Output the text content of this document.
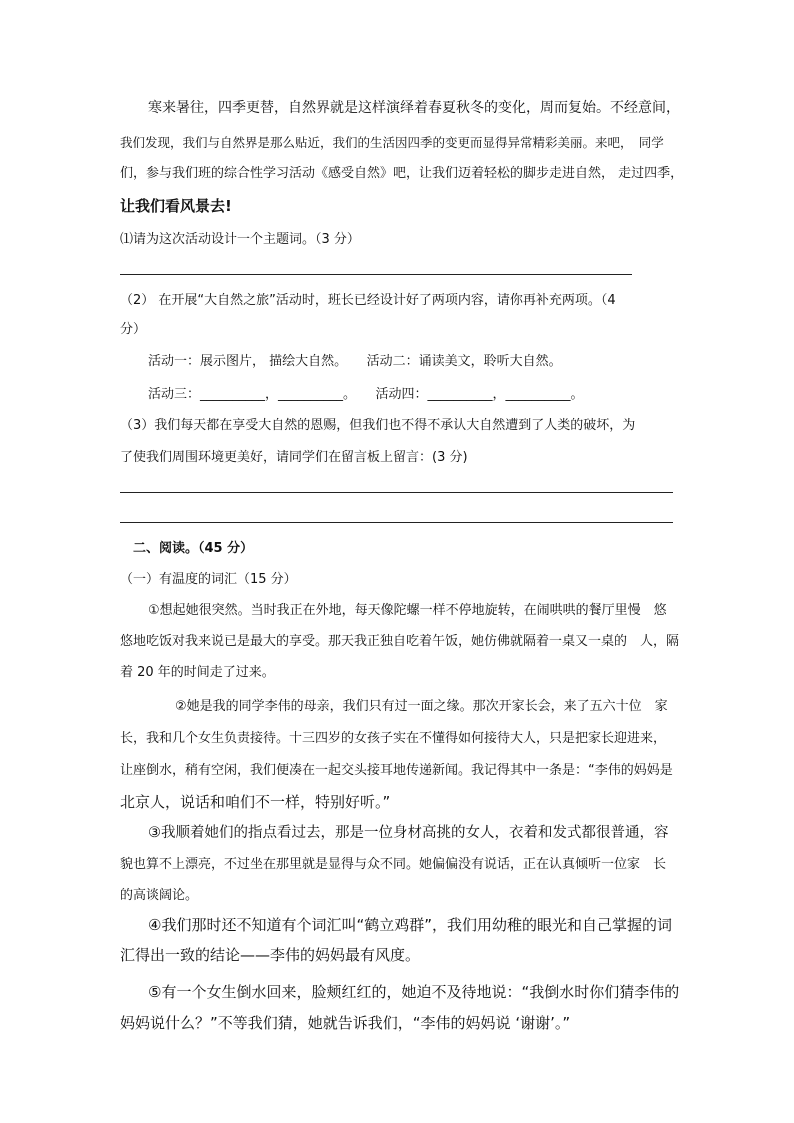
寒来暑往，四季更替，自然界就是这样演绎着春夏秋冬的变化，周而复始。不经意间，
我们发现，我们与自然界是那么贴近，我们的生活因四季的变更而显得异常精彩美丽。来吧，　同学
们，参与我们班的综合性学习活动《感受自然》吧，让我们迈着轻松的脚步走进自然， 走过四季，
让我们看风景去!
⑴请为这次活动设计一个主题词。（3 分）
（2） 在开展“大自然之旅”活动时，班长已经设计好了两项内容，请你再补充两项。（4
分）
活动一：展示图片， 描绘大自然。　　活动二：诵读美文，聆听大自然。
活动三：__________，__________。　　活动四：__________，__________。
（3）我们每天都在享受大自然的恩赐，但我们也不得不承认大自然遭到了人类的破坏，为
了使我们周围环境更美好，请同学们在留言板上留言：(3 分)
二、阅读。（45 分）
（一）有温度的词汇（15 分）
①想起她很突然。当时我正在外地，每天像陀螺一样不停地旋转，在闹哄哄的餐厅里慢　悠
悠地吃饭对我来说已是最大的享受。那天我正独自吃着午饭，她仿佛就隔着一桌又一桌的　人，隔
着 20 年的时间走了过来。
②她是我的同学李伟的母亲，我们只有过一面之缘。那次开家长会，来了五六十位　家
长，我和几个女生负责接待。十三四岁的女孩子实在不懂得如何接待大人，只是把家长迎进来，
让座倒水，稍有空闲，我们便凑在一起交头接耳地传递新闻。我记得其中一条是：“李伟的妈妈是
北京人，说话和咱们不一样，特别好听。”
③我顺着她们的指点看过去，那是一位身材高挑的女人，衣着和发式都很普通，容
貌也算不上漂亮，不过坐在那里就是显得与众不同。她偏偏没有说话，正在认真倾听一位家　长
的高谈阔论。
④我们那时还不知道有个词汇叫“鹤立鸡群”，我们用幼稚的眼光和自己掌握的词
汇得出一致的结论——李伟的妈妈最有风度。
⑤有一个女生倒水回来，脸颊红红的，她迫不及待地说：“我倒水时你们猜李伟的
妈妈说什么？”不等我们猜，她就告诉我们，“李伟的妈妈说 ‘谢谢’。”
